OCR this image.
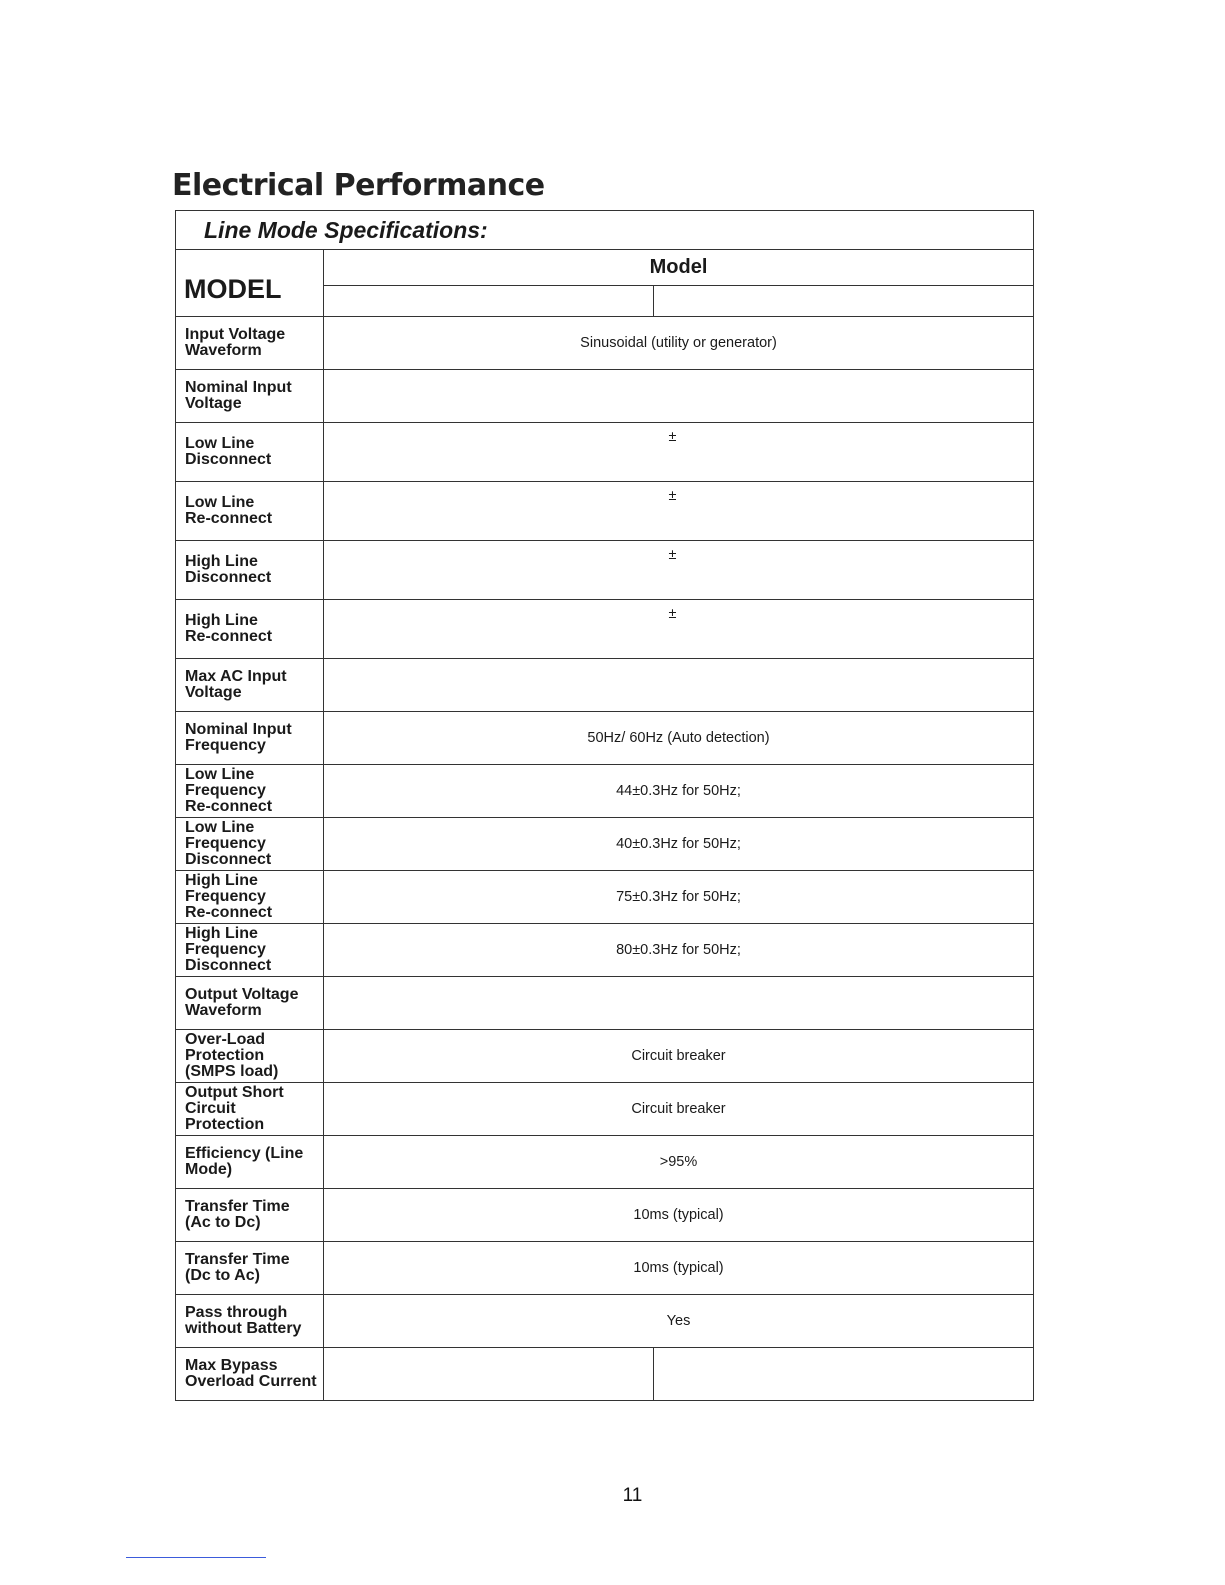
Electrical Performance
Line Mode Specifications:		
MODEL	Model	

Input Voltage
Waveform	Sinusoidal (utility or generator)	
Nominal Input
Voltage		
Low Line
Disconnect	±	
Low Line
Re-connect	±	
High Line
Disconnect	±	
High Line
Re-connect	±	
Max AC Input
Voltage		
Nominal Input
Frequency	50Hz/ 60Hz (Auto detection)	
Low Line
Frequency
Re-connect	44±0.3Hz for 50Hz;	
Low Line
Frequency
Disconnect	40±0.3Hz for 50Hz;	
High Line
Frequency
Re-connect	75±0.3Hz for 50Hz;	
High Line
Frequency
Disconnect	80±0.3Hz for 50Hz;	
Output Voltage
Waveform		
Over-Load
Protection
(SMPS load)	Circuit breaker	
Output Short
Circuit
Protection	Circuit breaker	
Efficiency (Line
Mode)	>95%	
Transfer Time
(Ac to Dc)	10ms (typical)	
Transfer Time
(Dc to Ac)	10ms (typical)	
Pass through
without Battery	Yes	
Max Bypass
Overload Current		
11
